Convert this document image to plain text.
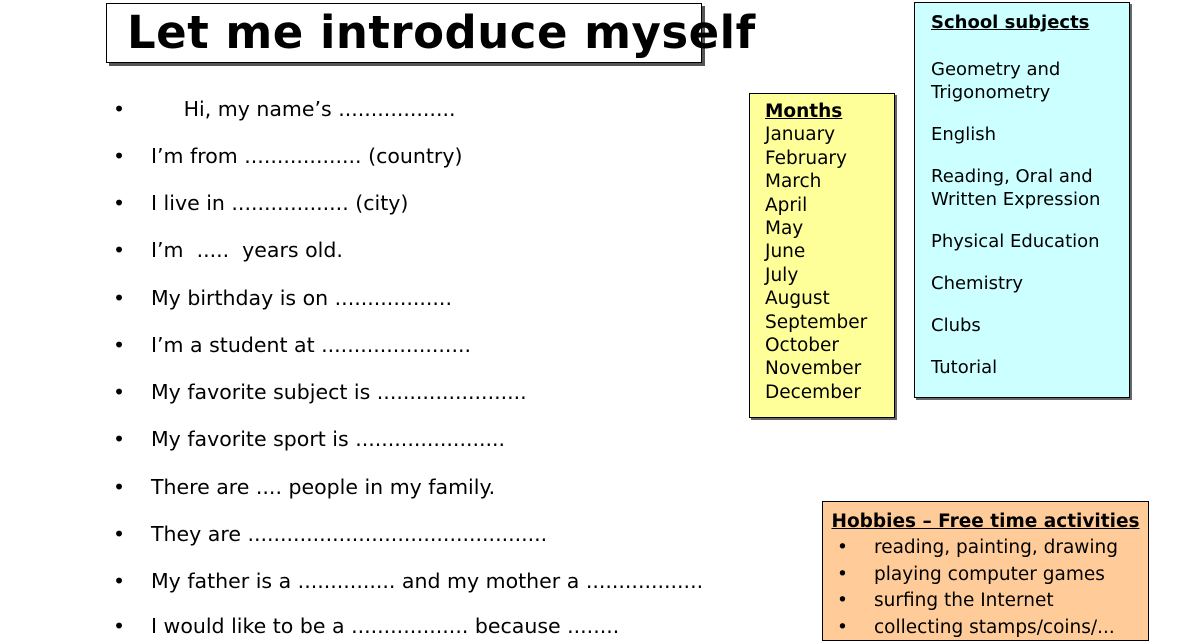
Let me introduce myself
• Hi, my name’s ..................
• I’m from .................. (country)
• I live in .................. (city)
• I’m  .....  years old.
• My birthday is on ..................
• I’m a student at .......................
• My favorite subject is .......................
• My favorite sport is .......................
• There are .... people in my family.
• They are ..............................................
• My father is a ............... and my mother a ..................
• I would like to be a .................. because ........
Months
January
February
March
April
May
June
July
August
September
October
November
December
School subjects
Geometry and Trigonometry
English
Reading, Oral and Written Expression
Physical Education
Chemistry
Clubs
Tutorial
Hobbies – Free time activities
• reading, painting, drawing
• playing computer games
• surfing the Internet
• collecting stamps/coins/...
